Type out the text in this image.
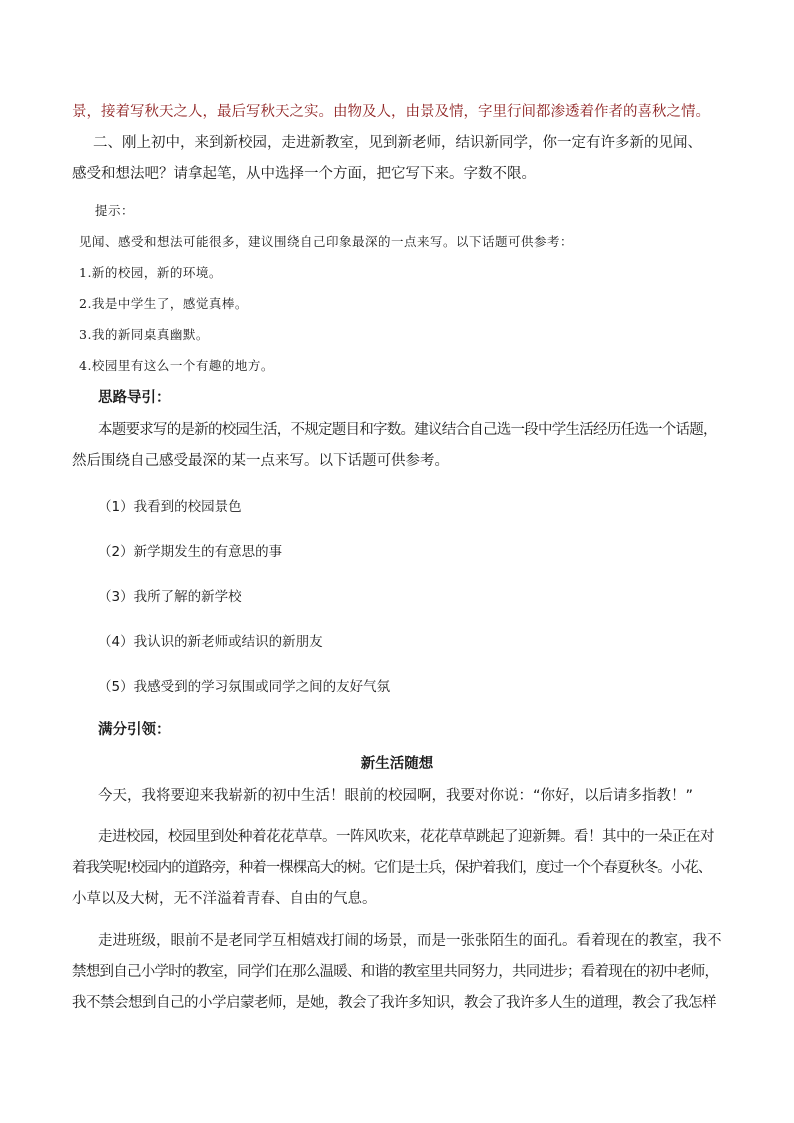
景，接着写秋天之人，最后写秋天之实。由物及人，由景及情，字里行间都渗透着作者的喜秋之情。
二、刚上初中，来到新校园，走进新教室，见到新老师，结识新同学，你一定有许多新的见闻、
感受和想法吧？请拿起笔，从中选择一个方面，把它写下来。字数不限。
提示：
见闻、感受和想法可能很多，建议围绕自己印象最深的一点来写。以下话题可供参考：
1.新的校园，新的环境。
2.我是中学生了，感觉真棒。
3.我的新同桌真幽默。
4.校园里有这么一个有趣的地方。
思路导引：
本题要求写的是新的校园生活，不规定题目和字数。建议结合自己选一段中学生活经历任选一个话题，
然后围绕自己感受最深的某一点来写。以下话题可供参考。
（1）我看到的校园景色
（2）新学期发生的有意思的事
（3）我所了解的新学校
（4）我认识的新老师或结识的新朋友
（5）我感受到的学习氛围或同学之间的友好气氛
满分引领：
新生活随想
今天，我将要迎来我崭新的初中生活！眼前的校园啊，我要对你说：“你好，以后请多指教！”
走进校园，校园里到处种着花花草草。一阵风吹来，花花草草跳起了迎新舞。看！其中的一朵正在对
着我笑呢!校园内的道路旁，种着一棵棵高大的树。它们是士兵，保护着我们，度过一个个春夏秋冬。小花、
小草以及大树，无不洋溢着青春、自由的气息。
走进班级，眼前不是老同学互相嬉戏打闹的场景，而是一张张陌生的面孔。看着现在的教室，我不
禁想到自己小学时的教室，同学们在那么温暖、和谐的教室里共同努力，共同进步；看着现在的初中老师，
我不禁会想到自己的小学启蒙老师，是她，教会了我许多知识，教会了我许多人生的道理，教会了我怎样
